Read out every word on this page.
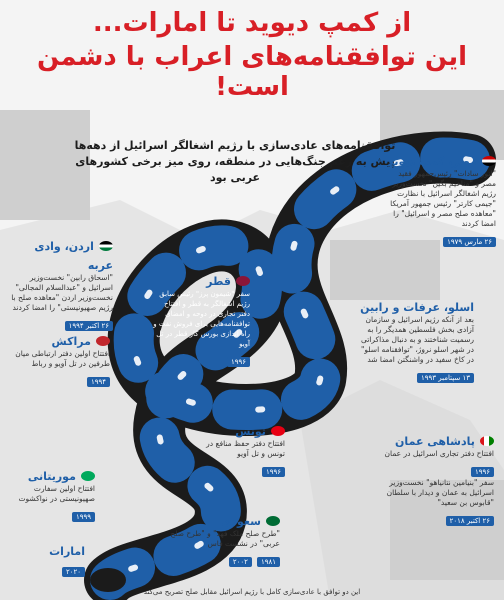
از کمپ دیوید تا امارات...
این توافقنامه‌های اعراب با دشمن است!
توافقنامه‌های عادی‌سازی با رژیم اشغالگر اسرائیل از دهه‌ها پیش به رغم جنگ‌هایی در منطقه، روی میز برخی کشورهای عربی بود
مصر، کمپ دیوید
"انور سادات" رئیس‌جمهور فقید مصر و "مناخیم بگین" نخست‌وزیر رژیم اشغالگر اسرائیل با نظارت "جیمی کارتر" رئیس جمهور آمریکا "معاهده صلح مصر و اسرائیل" را امضا کردند
۲۶ مارس ۱۹۷۹
اردن، وادی عربه
"اسحاق رابین" نخست‌وزیر اسرائیل و "عبدالسلام المجالی" نخست‌وزیر اردن "معاهده صلح با رژیم صهیونیستی" را امضا کردند
۲۶ اکتبر ۱۹۹۴
قطر
سفر "شیمون پرز" رئیس سابق رژیم اشغالگر به قطر و افتتاح دفتر تجاری در دوحه و امضای توافقنامه‌هایی برای فروش نفت و راه اندازی بورس گاز قطر در تل آویو
۱۹۹۶
مراکش
افتتاح اولین دفتر ارتباطی میان طرفین در تل آویو و رباط
۱۹۹۴
اسلو، عرفات و رابین
بعد از آنکه رژیم اسرائیل و سازمان آزادی بخش فلسطین همدیگر را به رسمیت شناختند و به دنبال مذاکراتی در شهر اسلو نروژ، "توافقنامه اسلو" در کاخ سفید در واشنگتن امضا شد
۱۳ سپتامبر ۱۹۹۳
تونس
افتتاح دفتر حفظ منافع در تونس و تل آویو
۱۹۹۶
پادشاهی عمان
افتتاح دفتر تجاری اسرائیل در عمان
۱۹۹۶
سفر "بنیامین نتانیاهو" نخست‌وزیر اسرائیل به عمان و دیدار با سلطان "قابوس بن سعید"
۲۶ اکتبر ۲۰۱۸
موریتانی
افتتاح اولین سفارت صهیونیستی در نواکشوت
۱۹۹۹	سعودی
"طرح صلح ملک فهد" و "طرح صلح عربی" در نشست فاس
۱۹۸۱ ۲۰۰۲
امارات
۲۰۲۰
این دو توافق با عادی‌سازی کامل با رژیم اسرائیل مقابل صلح تصریح می‌کند
